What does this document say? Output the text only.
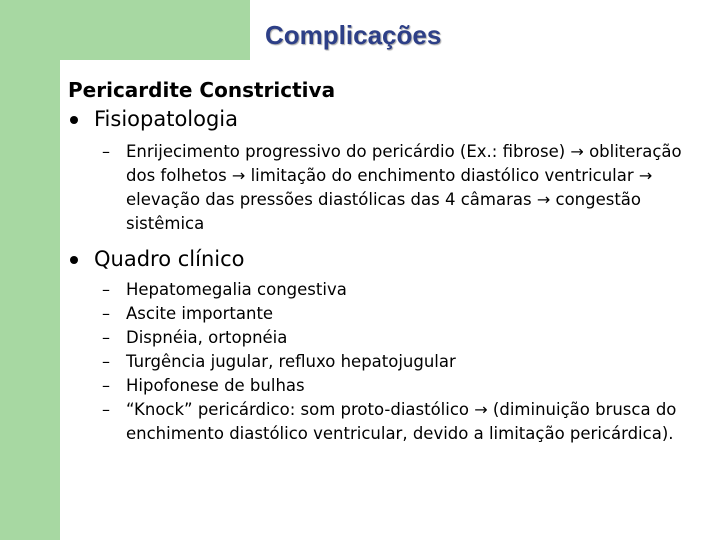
Complicações
Pericardite Constrictiva
Fisiopatologia
– Enrijecimento progressivo do pericárdio (Ex.: fibrose) → obliteração dos folhetos → limitação do enchimento diastólico ventricular → elevação das pressões diastólicas das 4 câmaras → congestão sistêmica
Quadro clínico
– Hepatomegalia congestiva
– Ascite importante
– Dispnéia, ortopnéia
– Turgência jugular, refluxo hepatojugular
– Hipofonese de bulhas
– “Knock” pericárdico: som proto-diastólico → (diminuição brusca do enchimento diastólico ventricular, devido a limitação pericárdica).
